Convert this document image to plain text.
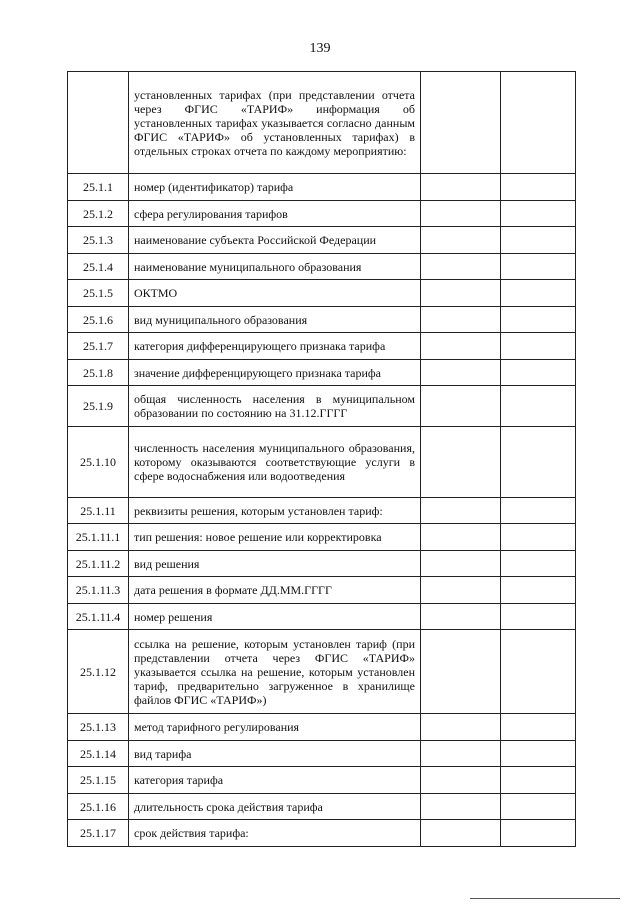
139
	установленных тарифах (при представлении отчета через ФГИС «ТАРИФ» информация об установленных тарифах указывается согласно данным ФГИС «ТАРИФ» об установленных тарифах) в отдельных строках отчета по каждому мероприятию:		
25.1.1	номер (идентификатор) тарифа		
25.1.2	сфера регулирования тарифов		
25.1.3	наименование субъекта Российской Федерации		
25.1.4	наименование муниципального образования		
25.1.5	ОКТМО		
25.1.6	вид муниципального образования		
25.1.7	категория дифференцирующего признака тарифа		
25.1.8	значение дифференцирующего признака тарифа		
25.1.9	общая численность населения в муниципальном образовании по состоянию на 31.12.ГГГГ		
25.1.10	численность населения муниципального образования, которому оказываются соответствующие услуги в сфере водоснабжения или водоотведения		
25.1.11	реквизиты решения, которым установлен тариф:		
25.1.11.1	тип решения: новое решение или корректировка		
25.1.11.2	вид решения		
25.1.11.3	дата решения в формате ДД.ММ.ГГГГ		
25.1.11.4	номер решения		
25.1.12	ссылка на решение, которым установлен тариф (при представлении отчета через ФГИС «ТАРИФ» указывается ссылка на решение, которым установлен тариф, предварительно загруженное в хранилище файлов ФГИС «ТАРИФ»)		
25.1.13	метод тарифного регулирования		
25.1.14	вид тарифа		
25.1.15	категория тарифа		
25.1.16	длительность срока действия тарифа		
25.1.17	срок действия тарифа:		
